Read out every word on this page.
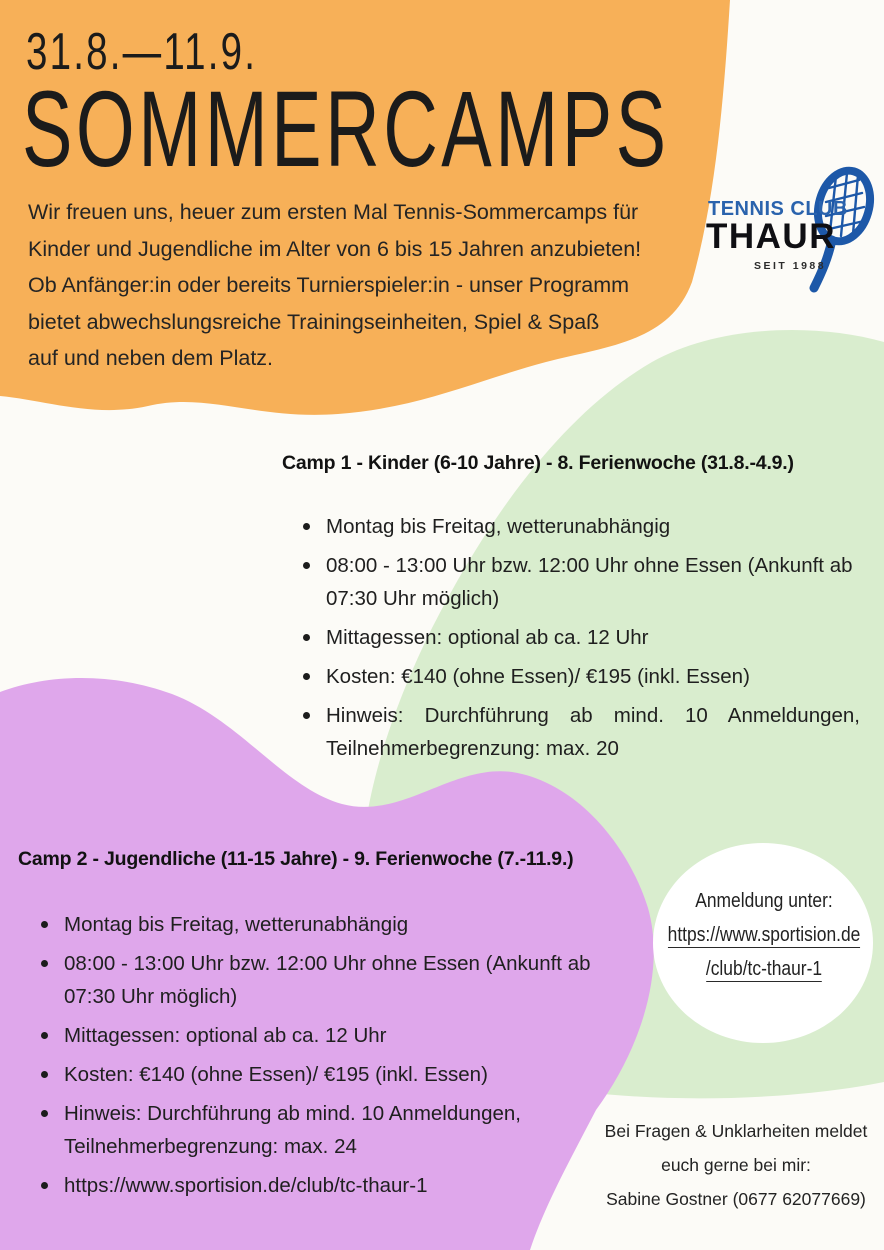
31.8.—11.9.
SOMMERCAMPS
Wir freuen uns, heuer zum ersten Mal Tennis-Sommercamps für
Kinder und Jugendliche im Alter von 6 bis 15 Jahren anzubieten!
Ob Anfänger:in oder bereits Turnierspieler:in - unser Programm
bietet abwechslungsreiche Trainingseinheiten, Spiel & Spaß
auf und neben dem Platz.
TENNIS CLUB
THAUR
SEIT 1988
Camp 1 - Kinder (6-10 Jahre) - 8. Ferienwoche (31.8.-4.9.)
Montag bis Freitag, wetterunabhängig
08:00 - 13:00 Uhr bzw. 12:00 Uhr ohne Essen (Ankunft ab 07:30 Uhr möglich)
Mittagessen: optional ab ca. 12 Uhr
Kosten: €140 (ohne Essen)/ €195 (inkl. Essen)
Hinweis: Durchführung ab mind. 10 Anmeldungen, Teilnehmerbegrenzung: max. 20
Camp 2 - Jugendliche (11-15 Jahre) - 9. Ferienwoche (7.-11.9.)
Montag bis Freitag, wetterunabhängig
08:00 - 13:00 Uhr bzw. 12:00 Uhr ohne Essen (Ankunft ab 07:30 Uhr möglich)
Mittagessen: optional ab ca. 12 Uhr
Kosten: €140 (ohne Essen)/ €195 (inkl. Essen)
Hinweis: Durchführung ab mind. 10 Anmeldungen, Teilnehmerbegrenzung: max. 24
https://www.sportision.de/club/tc-thaur-1
Anmeldung unter:
https://www.sportision.de
/club/tc-thaur-1
Bei Fragen & Unklarheiten meldet
euch gerne bei mir:
Sabine Gostner (0677 62077669)
